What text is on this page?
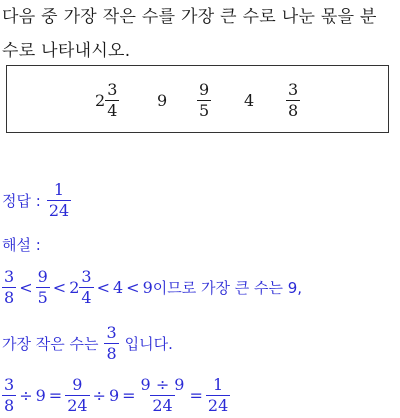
다음 중 가장 작은 수를 가장 큰 수로 나눈 몫을 분
수로 나타내시오.
$2 \frac{3}{4} 9 \frac{9}{5} 4 \frac{3}{8}$
정답 : $\frac{1}{24}$
해설 :
$\frac{3}{8} < \frac{9}{5} < 2 \frac{3}{4} < 4 < 9$ 이므로 가장 큰 수는 9,
가장 작은 수는 $\frac{3}{8}$ 입니다.
$\frac{3}{8} \div 9 = \frac{9}{24} \div 9 = \frac{9 \div 9}{24} = \frac{1}{24}$
